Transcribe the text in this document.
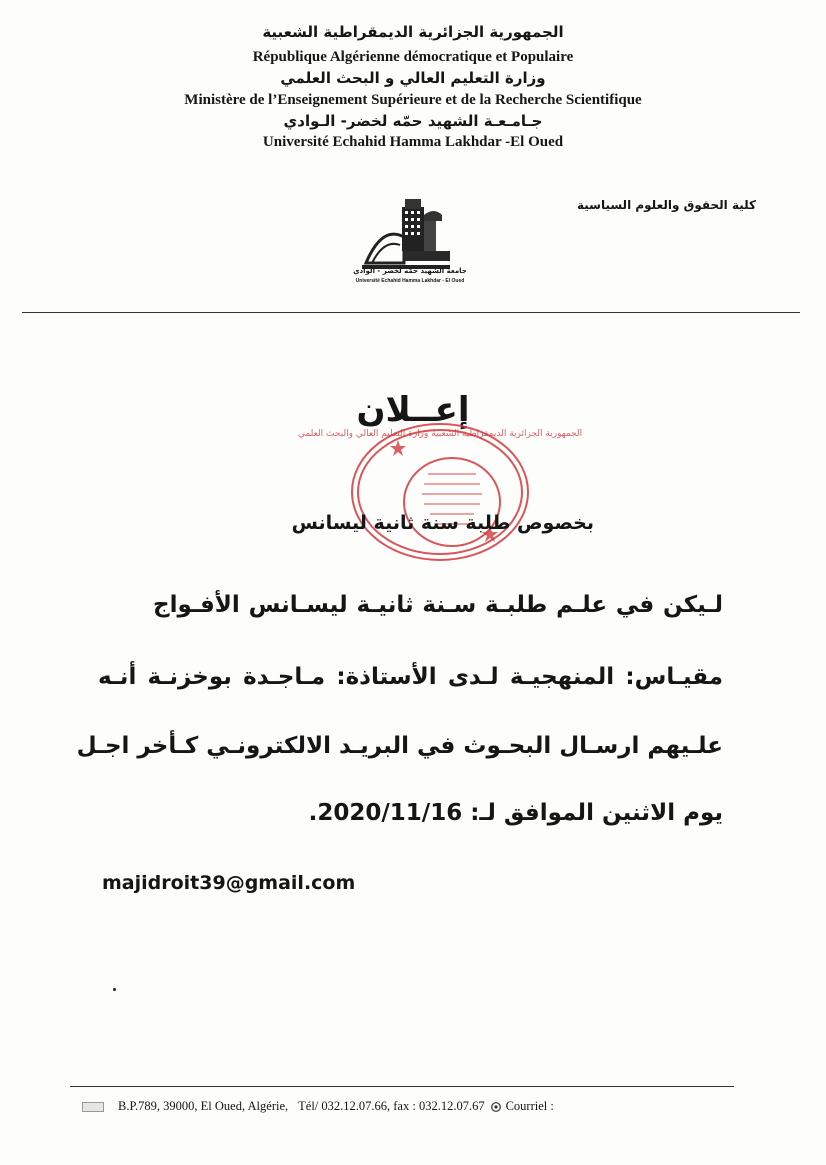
الجمهورية الجزائرية الديمقراطية الشعبية
République Algérienne démocratique et Populaire
وزارة التعليم العالي و البحث العلمي
Ministère de l’Enseignement Supérieure et de la Recherche Scientifique
جـامـعـة الشهيد حمّه لخضر- الـوادي
Université Echahid Hamma Lakhdar -El Oued
كلية الحقوق والعلوم السياسية
جامعة الشهيد حمّه لخضر - الوادي
Université Echahid Hamma Lakhdar - El Oued
إعــلان
الجمهورية الجزائرية الديمقراطية الشعبية وزارة التعليم العالي والبحث العلمي
بخصوص طلبة سنة ثانية ليسانس
لـيكن في علـم طلبـة سـنة ثانيـة ليسـانس الأفـواج
مقيـاس: المنهجيـة لـدى الأستاذة: مـاجـدة بوخزنـة أنـه
علـيهم ارسـال البحـوث في البريـد الالكترونـي كـأخر اجـل
يوم الاثنين الموافق لـ: 2020/11/16.
majidroit39@gmail.com
B.P.789, 39000, El Oued, Algérie, Tél/ 032.12.07.66, fax : 032.12.07.67 Courriel :
